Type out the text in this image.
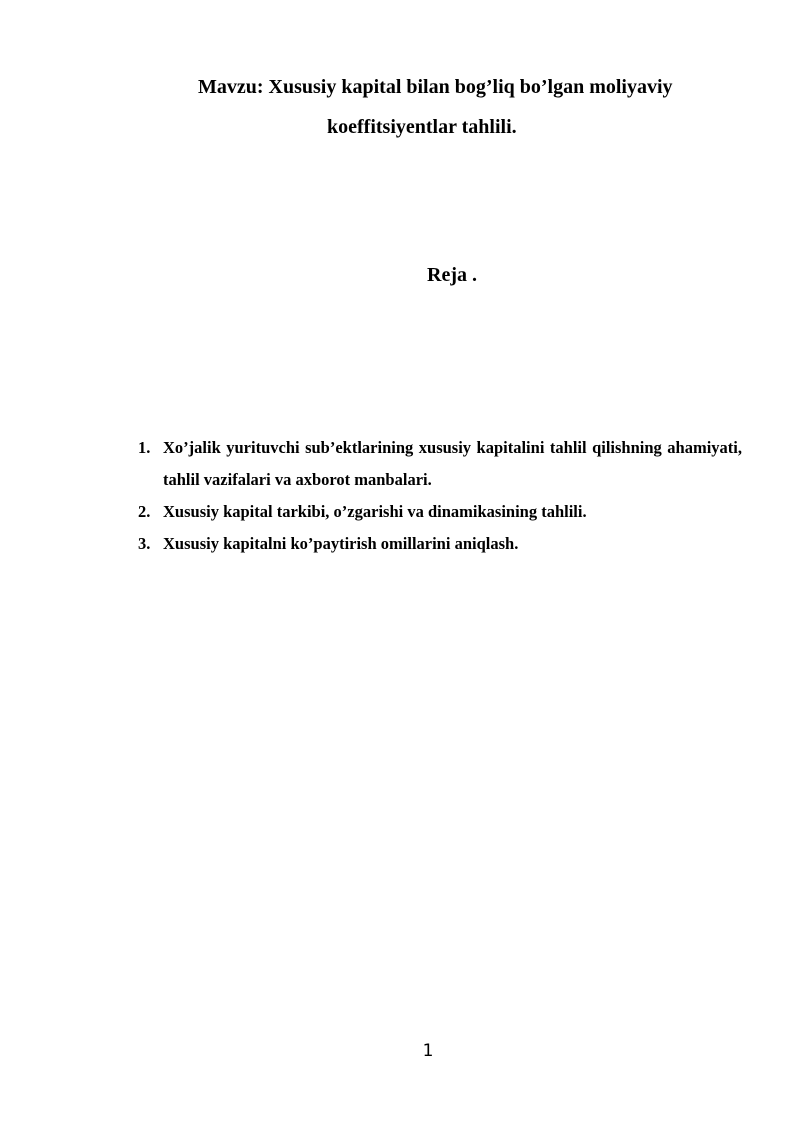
Mavzu: Xususiy kapital bilan bog’liq bo’lgan moliyaviy
koeffitsiyentlar tahlili.
Reja .
1. Xo’jalik yurituvchi sub’ektlarining xususiy kapitalini tahlil qilishning ahamiyati, tahlil vazifalari va axborot manbalari.
2. Xususiy kapital tarkibi, o’zgarishi va dinamikasining tahlili.
3. Xususiy kapitalni ko’paytirish omillarini aniqlash.
1
